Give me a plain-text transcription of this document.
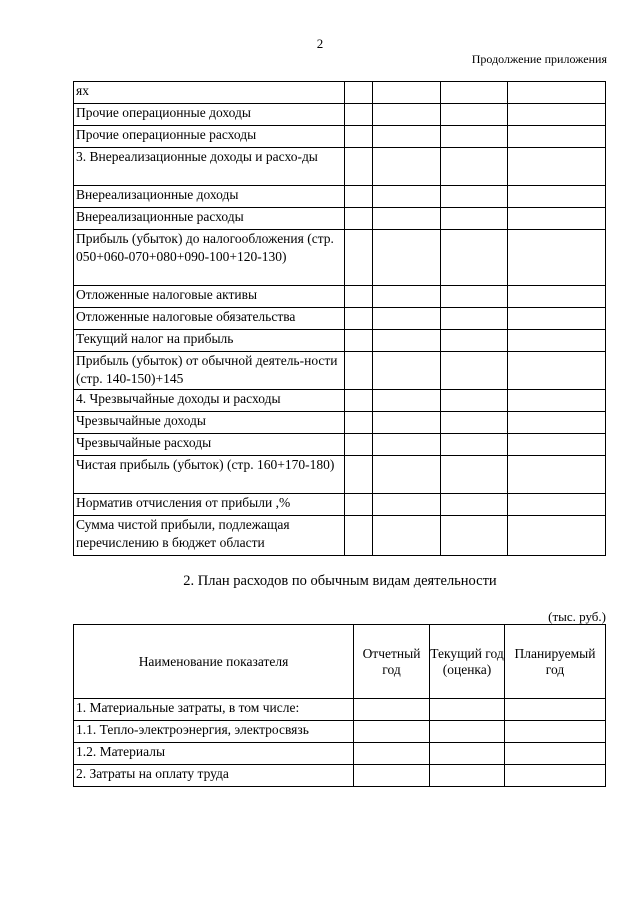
2
Продолжение приложения
ях				
Прочие операционные доходы				
Прочие операционные расходы				
3. Внереализационные доходы и расхо-ды				
Внереализационные доходы				
Внереализационные расходы				
Прибыль (убыток) до налогообложения (стр. 050+060-070+080+090-100+120-130)				
Отложенные налоговые активы				
Отложенные налоговые обязательства				
Текущий налог на прибыль				
Прибыль (убыток) от обычной деятель-ности (стр. 140-150)+145				
4. Чрезвычайные доходы и расходы				
Чрезвычайные доходы				
Чрезвычайные расходы				
Чистая прибыль (убыток) (стр. 160+170-180)				
Норматив отчисления от прибыли ,%				
Сумма чистой прибыли, подлежащая перечислению в бюджет области				
2. План расходов по обычным видам деятельности
(тыс. руб.)
Наименование показателя	Отчетный год	Текущий год (оценка)	Планируемый год
1. Материальные затраты, в том числе:			
1.1. Тепло-электроэнергия, электросвязь			
1.2. Материалы			
2. Затраты на оплату труда			
